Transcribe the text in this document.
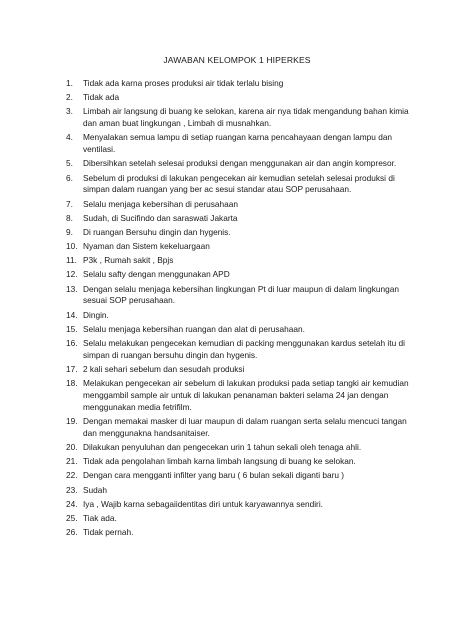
JAWABAN KELOMPOK 1 HIPERKES
1.	Tidak ada karna proses produksi air tidak terlalu bising
2.	Tidak ada
3.	Limbah air langsung di buang ke selokan, karena air nya tidak mengandung bahan kimia dan aman buat lingkungan , Limbah di musnahkan.
4.	Menyalakan semua lampu di setiap ruangan karna pencahayaan dengan lampu dan ventilasi.
5.	Dibersihkan setelah selesai produksi dengan menggunakan air dan angin kompresor.
6.	Sebelum di produksi di lakukan pengecekan air kemudian setelah selesai produksi di simpan dalam ruangan yang ber ac sesui standar atau SOP perusahaan.
7.	Selalu menjaga kebersihan di perusahaan
8.	Sudah, di Sucifindo dan saraswati Jakarta
9.	Di ruangan Bersuhu dingin dan hygenis.
10. Nyaman dan Sistem kekeluargaan
11. P3k , Rumah sakit , Bpjs
12. Selalu safty dengan menggunakan APD
13. Dengan selalu menjaga kebersihan lingkungan Pt di luar maupun di dalam lingkungan sesuai SOP perusahaan.
14. Dingin.
15. Selalu menjaga kebersihan ruangan dan alat di perusahaan.
16. Selalu melakukan pengecekan kemudian di packing menggunakan kardus setelah itu di simpan di ruangan bersuhu dingin dan hygenis.
17. 2 kali sehari sebelum dan sesudah produksi
18. Melakukan pengecekan air sebelum di lakukan produksi pada setiap tangki air kemudian menggambil sample air untuk di lakukan penanaman bakteri selama 24 jan dengan menggunakan media fetrifilm.
19. Dengan memakai masker di luar maupun di dalam ruangan serta selalu mencuci tangan dan menggunakna handsanitaiser.
20. Dilakukan penyuluhan dan pengecekan urin 1 tahun sekali oleh tenaga ahli.
21. Tidak ada pengolahan limbah karna limbah langsung di buang ke selokan.
22. Dengan cara mengganti infilter yang baru ( 6 bulan sekali diganti baru )
23. Sudah
24. Iya , Wajib karna sebagaiidentitas diri untuk karyawannya sendiri.
25. Tiak ada.
26. Tidak pernah.
